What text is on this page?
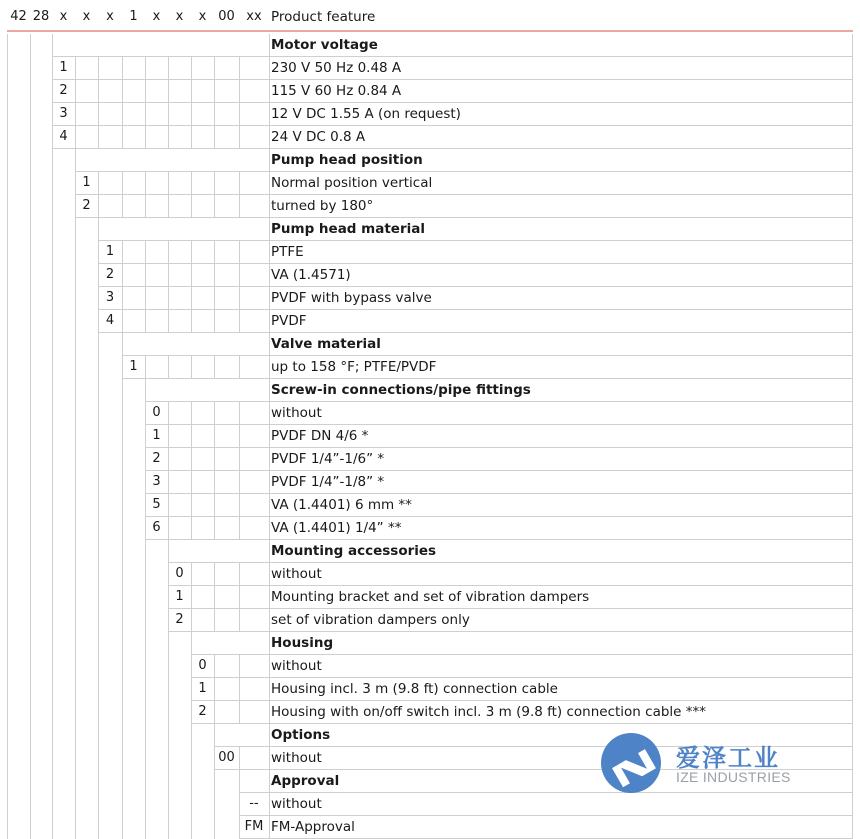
42 28 x	x	x	1	x	x	x 00 xx Product feature
Motor voltage
1	230 V 50 Hz 0.48 A
2	115 V 60 Hz 0.84 A
3	12 V DC 1.55 A (on request)
4	24 V DC 0.8 A
Pump head position
1	Normal position vertical
2	turned by 180°
Pump head material
1	PTFE
2	VA (1.4571)
3	PVDF with bypass valve
4	PVDF
Valve material
1	up to 158 °F; PTFE/PVDF
Screw-in connections/pipe fittings
0	without
1	PVDF DN 4/6 *
2	PVDF 1/4”-1/6” *
3	PVDF 1/4”-1/8” *
5	VA (1.4401) 6 mm **
6	VA (1.4401) 1/4” **
Mounting accessories
0	without
1	Mounting bracket and set of vibration dampers
2	set of vibration dampers only
Housing
0	without
1	Housing incl. 3 m (9.8 ft) connection cable
2	Housing with on/off switch incl. 3 m (9.8 ft) connection cable ***
Options
00	without
Approval
-- without
FM FM-Approval
爱泽工业
IZE INDUSTRIES
